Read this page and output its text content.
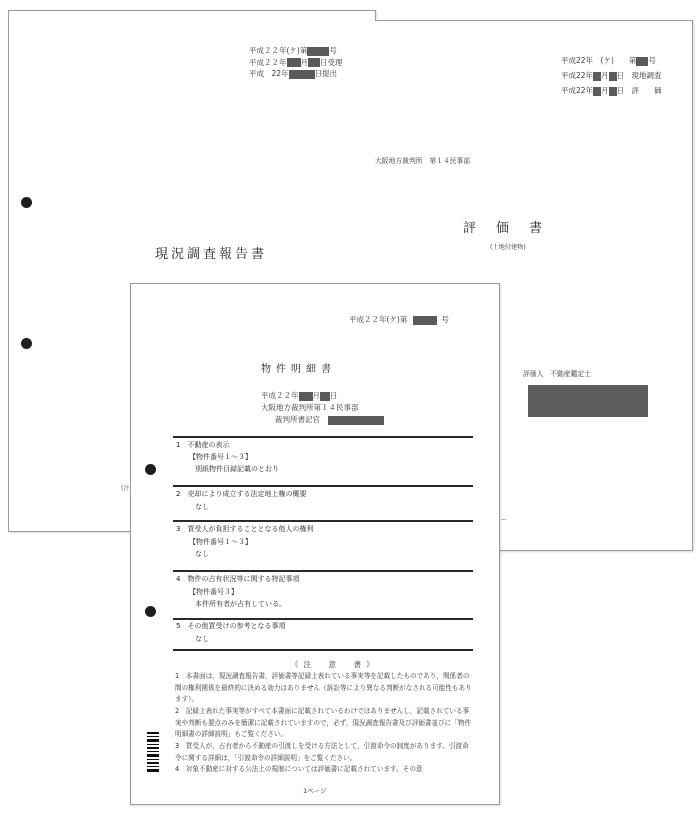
平成２２年(ケ)第	号
平成２２年 月 日受理
平成　22年	日提出
現況調査報告書
(注
平成22年　(ケ)　　第 号
平成22年 月 日　現地調査
平成22年 月 日　評　　価
大阪地方裁判所　第１４民事部
評価書
(土地付建物)
評価人　不動産鑑定士
ー
平成２２年(ケ)第	号
物件明細書
平成２２年 月 日
大阪地方裁判所第１４民事部
裁判所書記官
1　不動産の表示
【物件番号１～３】
別紙物件目録記載のとおり
2　売却により成立する法定地上権の概要
なし
3　買受人が負担することとなる他人の権利
【物件番号１～３】
なし
4　物件の占有状況等に関する特記事項
【物件番号３】
本件所有者が占有している。
5　その他買受けの参考となる事項
なし
《注　意　書》
1　本書面は，現況調査報告書，評価書等記録上表れている事実等を記載したものであり，関係者の間の権利関係を最終的に決める効力はありません（訴訟等により異なる判断がなされる可能性もあります）。
2　記録上表れた事実等がすべて本書面に記載されているわけではありませんし，記載されている事実や判断も要点のみを簡潔に記載されていますので，必ず，現況調査報告書及び評価書並びに「物件明細書の詳細説明」もご覧ください。
3　買受人が，占有者から不動産の引渡しを受ける方法として，引渡命令の制度があります。引渡命令に関する詳細は，「引渡命令の詳細説明」をご覧ください。
4　対象不動産に対する公法上の規制については評価書に記載されています。その意
1ページ
